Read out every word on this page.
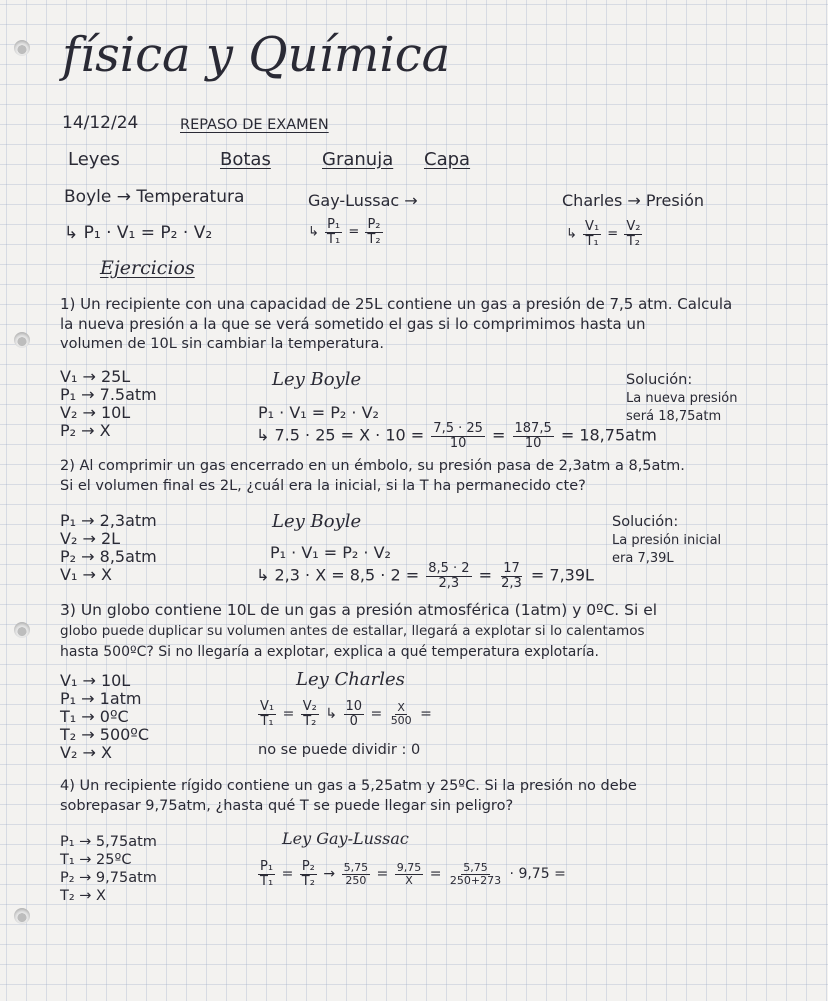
física y Química
14/12/24	REPASO DE EXAMEN
Leyes	Botas	Granuja Capa
Boyle → Temperatura
↳ P₁ · V₁ = P₂ · V₂
Gay-Lussac →
↳ $\frac{\text{P₁}}{\text{T₁}} = \frac{\text{P₂}}{\text{T₂}}$
Charles → Presión
↳ $\frac{\text{V₁}}{\text{T₁}} = \frac{\text{V₂}}{\text{T₂}}$
Ejercicios
1) Un recipiente con una capacidad de 25L contiene un gas a presión de 7,5 atm. Calcula
la nueva presión a la que se verá sometido el gas si lo comprimimos hasta un
volumen de 10L sin cambiar la temperatura.
V₁ → 25L
P₁ → 7.5atm
V₂ → 10L
P₂ → X
Ley Boyle
P₁ · V₁ = P₂ · V₂
↳ $7.5 \cdot 25 = X \cdot 10 = \frac{7,5 \cdot 25}{10} = \frac{187,5}{10} = 18,75atm$
Solución:
La nueva presión
será 18,75atm
2) Al comprimir un gas encerrado en un émbolo, su presión pasa de 2,3atm a 8,5atm.
Si el volumen final es 2L, ¿cuál era la inicial, si la T ha permanecido cte?
P₁ → 2,3atm
V₂ → 2L
P₂ → 8,5atm
V₁ → X
Ley Boyle
P₁ · V₁ = P₂ · V₂
↳ $2,3 \cdot X = 8,5 \cdot 2 = \frac{8,5 \cdot 2}{2,3} = \frac{17}{2,3} = 7,39L$
Solución:
La presión inicial
era 7,39L
3) Un globo contiene 10L de un gas a presión atmosférica (1atm) y 0ºC. Si el
globo puede duplicar su volumen antes de estallar, llegará a explotar si lo calentamos
hasta 500ºC? Si no llegaría a explotar, explica a qué temperatura explotaría.
V₁ → 10L
P₁ → 1atm
T₁ → 0ºC
T₂ → 500ºC
V₂ → X
Ley Charles
$\frac{\text{V₁}}{\text{T₁}} = \frac{\text{V₂}}{\text{T₂}}$ ↳ $\frac{10}{0} = \frac{X}{500}$ =
no se puede dividir : 0
4) Un recipiente rígido contiene un gas a 5,25atm y 25ºC. Si la presión no debe
sobrepasar 9,75atm, ¿hasta qué T se puede llegar sin peligro?
P₁ → 5,75atm
T₁ → 25ºC
P₂ → 9,75atm
T₂ → X
Ley Gay-Lussac
$\frac{\text{P₁}}{\text{T₁}} = \frac{\text{P₂}}{\text{T₂}} \to \frac{5,75}{250} = \frac{9,75}{X} = \frac{5,75}{250+273} \cdot 9,75$ =
